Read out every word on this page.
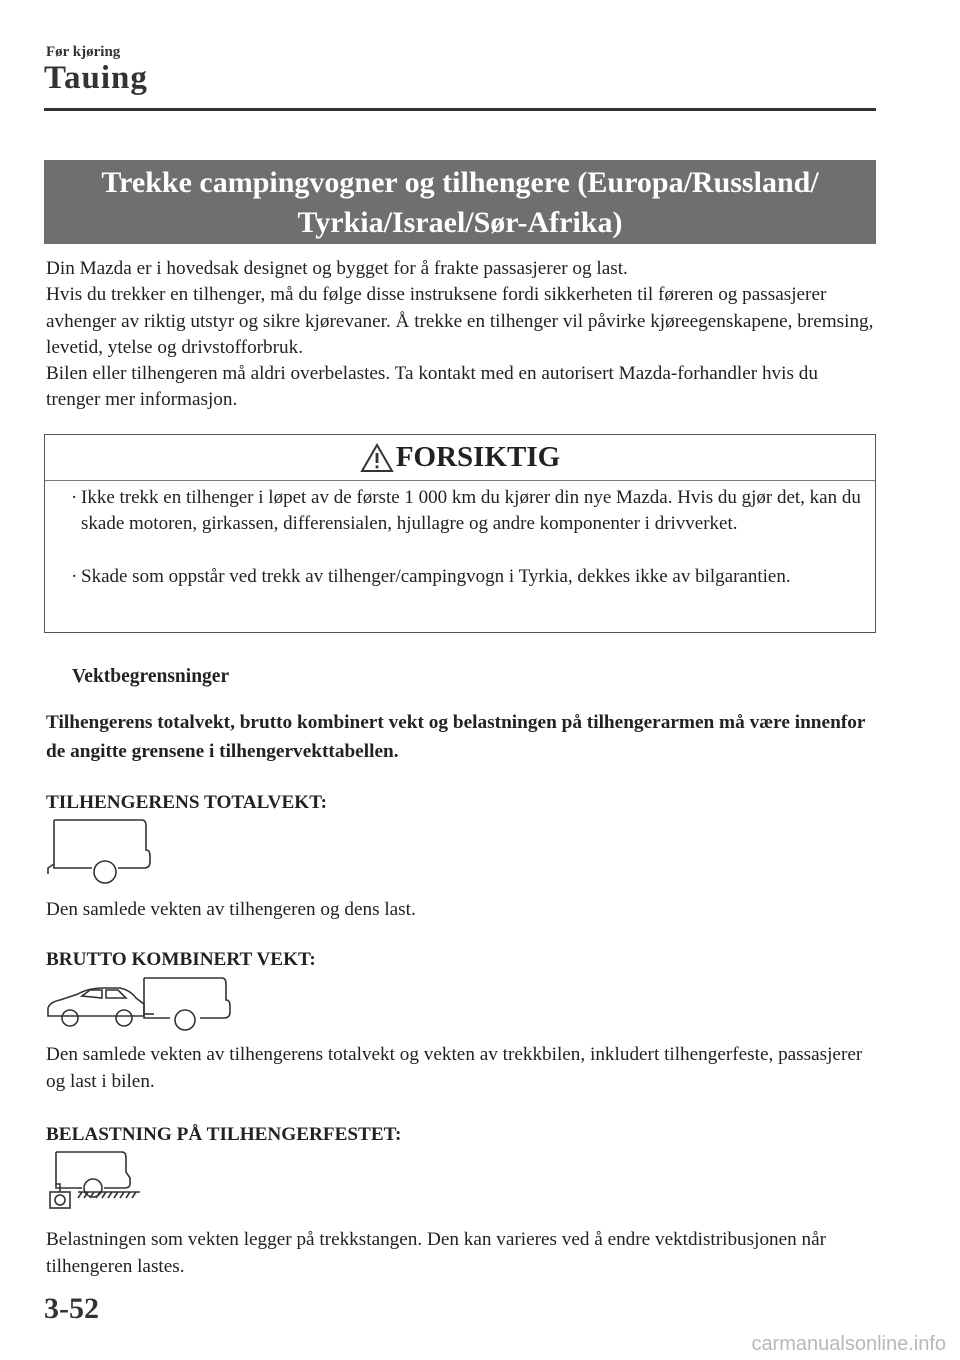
Før kjøring
Tauing
Trekke campingvogner og tilhengere (Europa/Russland/
Tyrkia/Israel/Sør-Afrika)

Din Mazda er i hovedsak designet og bygget for å frakte passasjerer og last.

Hvis du trekker en tilhenger, må du følge disse instruksene fordi sikkerheten til føreren og passasjerer avhenger av riktig utstyr og sikre kjørevaner. Å trekke en tilhenger vil påvirke kjøreegenskapene, bremsing, levetid, ytelse og drivstofforbruk.

Bilen eller tilhengeren må aldri overbelastes. Ta kontakt med en autorisert Mazda-forhandler hvis du trenger mer informasjon.

FORSIKTIG
· Ikke trekk en tilhenger i løpet av de første 1 000 km du kjører din nye Mazda. Hvis du gjør det, kan du skade motoren, girkassen, differensialen, hjullagre og andre komponenter i drivverket.
· Skade som oppstår ved trekk av tilhenger/campingvogn i Tyrkia, dekkes ikke av bilgarantien.
Vektbegrensninger
Tilhengerens totalvekt, brutto kombinert vekt og belastningen på tilhengerarmen må være innenfor de angitte grensene i tilhengervekttabellen.
TILHENGERENS TOTALVEKT:
Den samlede vekten av tilhengeren og dens last.
BRUTTO KOMBINERT VEKT:
Den samlede vekten av tilhengerens totalvekt og vekten av trekkbilen, inkludert tilhengerfeste, passasjerer og last i bilen.
BELASTNING PÅ TILHENGERFESTET:
Belastningen som vekten legger på trekkstangen. Den kan varieres ved å endre vektdistribusjonen når tilhengeren lastes.
3-52
carmanualsonline.info
